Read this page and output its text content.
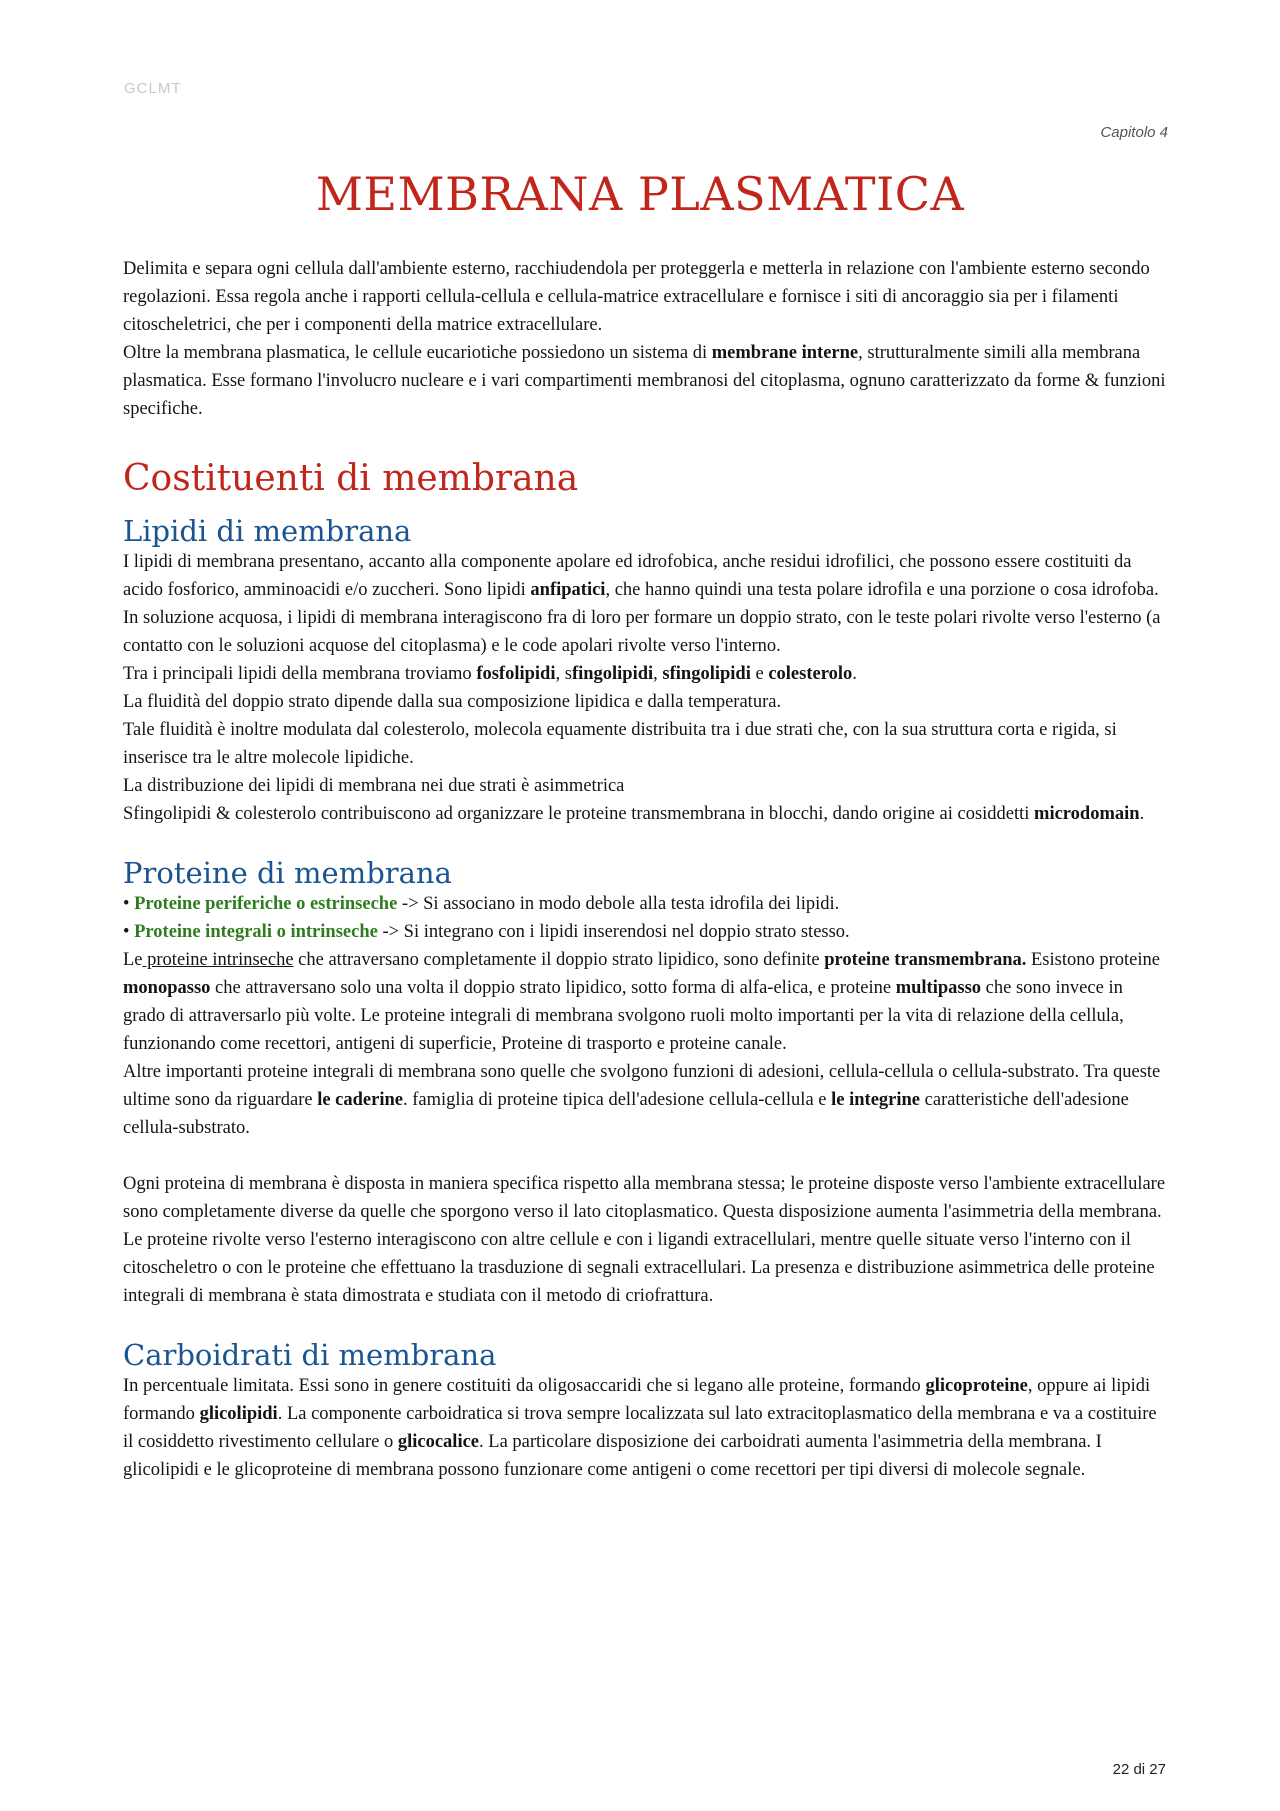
GCLMT
Capitolo 4
MEMBRANA PLASMATICA

Delimita e separa ogni cellula dall'ambiente esterno, racchiudendola per proteggerla e metterla in relazione con l'ambiente esterno secondo regolazioni. Essa regola anche i rapporti cellula-cellula e cellula-matrice extracellulare e fornisce i siti di ancoraggio sia per i filamenti citoscheletrici, che per i componenti della matrice extracellulare.

Oltre la membrana plasmatica, le cellule eucariotiche possiedono un sistema di membrane interne, strutturalmente simili alla membrana plasmatica. Esse formano l'involucro nucleare e i vari compartimenti membranosi del citoplasma, ognuno caratterizzato da forme & funzioni specifiche.

Costituenti di membrana
Lipidi di membrana

I lipidi di membrana presentano, accanto alla componente apolare ed idrofobica, anche residui idrofilici, che possono essere costituiti da acido fosforico, amminoacidi e/o zuccheri. Sono lipidi anfipatici, che hanno quindi una testa polare idrofila e una porzione o cosa idrofoba.

In soluzione acquosa, i lipidi di membrana interagiscono fra di loro per formare un doppio strato, con le teste polari rivolte verso l'esterno (a contatto con le soluzioni acquose del citoplasma) e le code apolari rivolte verso l'interno.

Tra i principali lipidi della membrana troviamo fosfolipidi, sfingolipidi, sfingolipidi e colesterolo.

La fluidità del doppio strato dipende dalla sua composizione lipidica e dalla temperatura.

Tale fluidità è inoltre modulata dal colesterolo, molecola equamente distribuita tra i due strati che, con la sua struttura corta e rigida, si inserisce tra le altre molecole lipidiche.

La distribuzione dei lipidi di membrana nei due strati è asimmetrica

Sfingolipidi & colesterolo contribuiscono ad organizzare le proteine transmembrana in blocchi, dando origine ai cosiddetti microdomain.

Proteine di membrana
• Proteine periferiche o estrinseche -> Si associano in modo debole alla testa idrofila dei lipidi.
• Proteine integrali o intrinseche -> Si integrano con i lipidi inserendosi nel doppio strato stesso.

Le proteine intrinseche che attraversano completamente il doppio strato lipidico, sono definite proteine transmembrana. Esistono proteine monopasso che attraversano solo una volta il doppio strato lipidico, sotto forma di alfa-elica, e proteine multipasso che sono invece in grado di attraversarlo più volte. Le proteine integrali di membrana svolgono ruoli molto importanti per la vita di relazione della cellula, funzionando come recettori, antigeni di superficie, Proteine di trasporto e proteine canale.

Altre importanti proteine integrali di membrana sono quelle che svolgono funzioni di adesioni, cellula-cellula o cellula-substrato. Tra queste ultime sono da riguardare le caderine. famiglia di proteine tipica dell'adesione cellula-cellula e le integrine caratteristiche dell'adesione cellula-substrato.

Ogni proteina di membrana è disposta in maniera specifica rispetto alla membrana stessa; le proteine disposte verso l'ambiente extracellulare sono completamente diverse da quelle che sporgono verso il lato citoplasmatico. Questa disposizione aumenta l'asimmetria della membrana. Le proteine rivolte verso l'esterno interagiscono con altre cellule e con i ligandi extracellulari, mentre quelle situate verso l'interno con il citoscheletro o con le proteine che effettuano la trasduzione di segnali extracellulari. La presenza e distribuzione asimmetrica delle proteine integrali di membrana è stata dimostrata e studiata con il metodo di criofrattura.

Carboidrati di membrana

In percentuale limitata. Essi sono in genere costituiti da oligosaccaridi che si legano alle proteine, formando glicoproteine, oppure ai lipidi formando glicolipidi. La componente carboidratica si trova sempre localizzata sul lato extracitoplasmatico della membrana e va a costituire il cosiddetto rivestimento cellulare o glicocalice. La particolare disposizione dei carboidrati aumenta l'asimmetria della membrana. I glicolipidi e le glicoproteine di membrana possono funzionare come antigeni o come recettori per tipi diversi di molecole segnale.

22 di 27
